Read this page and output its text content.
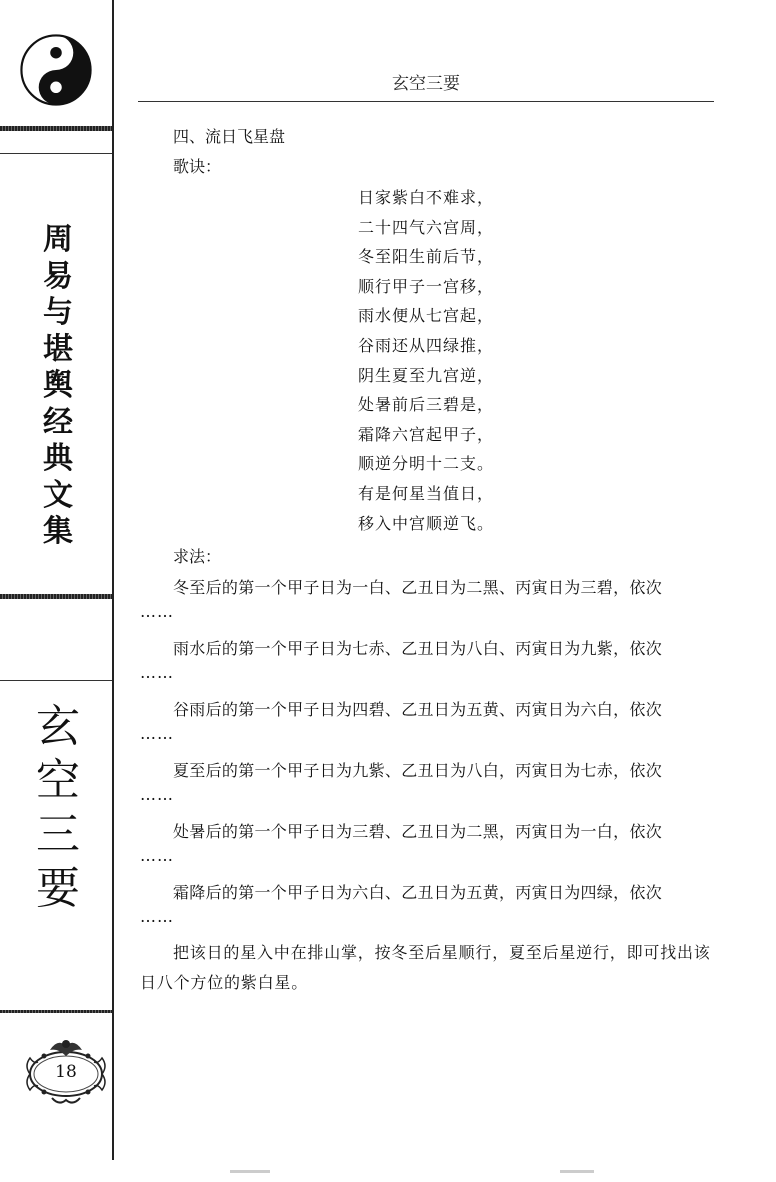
周
易
与
堪
舆
经
典
文
集
玄
空
三
要
18
玄空三要
四、流日飞星盘
歌诀：
日家紫白不难求，
二十四气六宫周，
冬至阳生前后节，
顺行甲子一宫移，
雨水便从七宫起，
谷雨还从四绿推，
阴生夏至九宫逆，
处暑前后三碧是，
霜降六宫起甲子，
顺逆分明十二支。
有是何星当值日，
移入中宫顺逆飞。
求法：
冬至后的第一个甲子日为一白、乙丑日为二黑、丙寅日为三碧，依次
……
雨水后的第一个甲子日为七赤、乙丑日为八白、丙寅日为九紫，依次
……
谷雨后的第一个甲子日为四碧、乙丑日为五黄、丙寅日为六白，依次
……
夏至后的第一个甲子日为九紫、乙丑日为八白，丙寅日为七赤，依次
……
处暑后的第一个甲子日为三碧、乙丑日为二黑，丙寅日为一白，依次
……
霜降后的第一个甲子日为六白、乙丑日为五黄，丙寅日为四绿，依次
……
把该日的星入中在排山掌，按冬至后星顺行，夏至后星逆行，即可找出该日八个方位的紫白星。
